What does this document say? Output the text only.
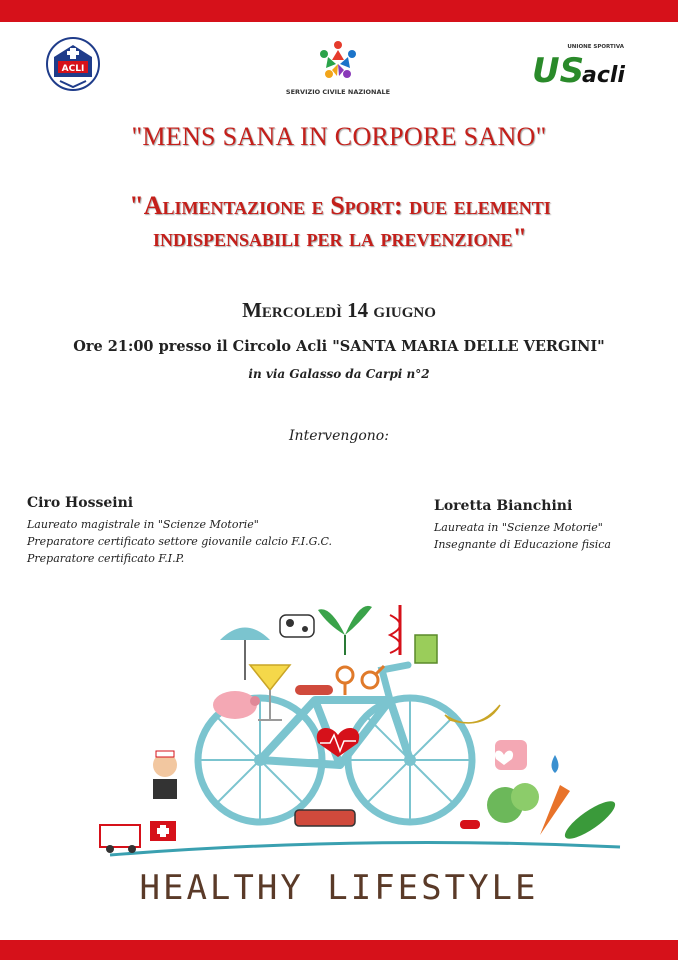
ACLI
SERVIZIO CIVILE NAZIONALE
UNIONE SPORTIVA
US
acli
"MENS SANA IN CORPORE SANO"
"Alimentazione e Sport: due elementi
indispensabili per la prevenzione"
Mercoledì 14 giugno
Ore 21:00 presso il Circolo Acli "SANTA MARIA DELLE VERGINI"
in via Galasso da Carpi n°2
Intervengono:
Ciro Hosseini
Laureato magistrale in "Scienze Motorie"
Preparatore certificato settore giovanile calcio F.I.G.C.
Preparatore certificato F.I.P.
Loretta Bianchini
Laureata in "Scienze Motorie"
Insegnante di Educazione fisica
HEALTHY LIFESTYLE
